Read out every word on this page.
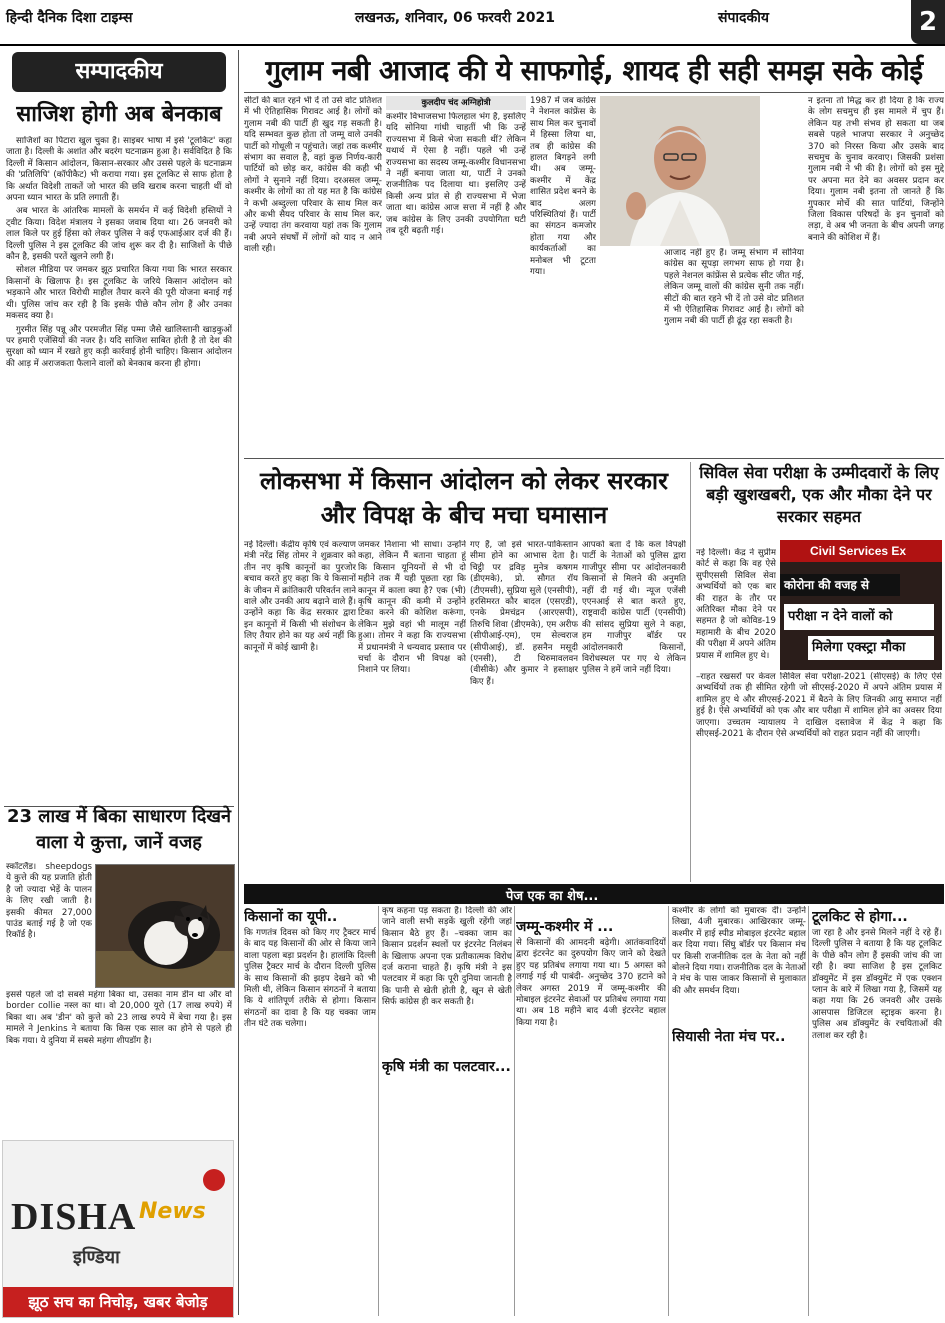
हिन्दी दैनिक दिशा टाइम्स	लखनऊ, शनिवार, 06 फरवरी 2021	संपादकीय	2
सम्पादकीय
साजिश होगी अब बेनकाब

साजिशों का पिटारा खुल चुका है। साइबर भाषा में इसे 'टूलकिट' कहा जाता है। दिल्ली के अशांत और बदरंग घटनाक्रम हुआ है। सर्वविदित है कि दिल्ली में किसान आंदोलन, किसान-सरकार और उससे पहले के घटनाक्रम की 'प्रतिलिपि' (कॉपीकैट) भी कराया गया। इस टूलकिट से साफ होता है कि अर्थात विदेशी ताकतें जो भारत की छवि खराब करना चाहती थीं वो अपना ध्यान भारत के प्रति लगाती हैं।

अब भारत के आंतरिक मामलों के समर्थन में कई विदेशी हस्तियों ने ट्वीट किया। विदेश मंत्रालय ने इसका जवाब दिया था। 26 जनवरी को लाल किले पर हुई हिंसा को लेकर पुलिस ने कई एफआईआर दर्ज की हैं। दिल्ली पुलिस ने इस टूलकिट की जांच शुरू कर दी है। साजिशों के पीछे कौन है, इसकी परतें खुलने लगी हैं।

सोशल मीडिया पर जमकर झूठ प्रचारित किया गया कि भारत सरकार किसानों के खिलाफ है। इस टूलकिट के जरिये किसान आंदोलन को भड़काने और भारत विरोधी माहौल तैयार करने की पूरी योजना बनाई गई थी। पुलिस जांच कर रही है कि इसके पीछे कौन लोग हैं और उनका मकसद क्या है।

गुरमीत सिंह पन्नू और परमजीत सिंह पम्मा जैसे खालिस्तानी खाड़कुओं पर हमारी एजेंसियों की नजर है। यदि साजिश साबित होती है तो देश की सुरक्षा को ध्यान में रखते हुए कड़ी कार्रवाई होनी चाहिए। किसान आंदोलन की आड़ में अराजकता फैलाने वालों को बेनकाब करना ही होगा।

23 लाख में बिका साधारण दिखने वाला ये कुत्ता, जानें वजह
स्कॉटलैंड। sheepdogs ये कुत्ते की यह प्रजाति होती है जो ज्यादा भेड़ें के पालन के लिए रखी जाती है। इसकी कीमत 27,000 पाउंड बताई गई है जो एक रिकॉर्ड है।
इससे पहले जो दो सबसे महंगा बिका था, उसका नाम डीन था और वो border collie नस्ल का था। वो 20,000 यूरो (17 लाख रुपये) में बिका था। अब 'डीन' को कुत्ते को 23 लाख रुपये में बेचा गया है। इस मामले ने Jenkins ने बताया कि किस एक साल का होने से पहले ही बिक गया। ये दुनिया में सबसे महंगा शीपडॉग है।
DISHA News
इण्डिया
झूठ सच का निचोड़, खबर बेजोड़
गुलाम नबी आजाद की ये साफगोई, शायद ही सही समझ सके कोई
सीटों की बात रहने भी दें तो उसे वोट प्रतिशत में भी ऐतिहासिक गिरावट आई है। लोगों को गुलाम नबी की पार्टी ही खुद गड़ सकती है। यदि सम्भवत कुछ होता तो जम्मू वाले उनकी पार्टी को गोधूली न पहुंचाते। जहां तक कश्मीर संभाग का सवाल है, वहां कुछ निर्णय-कारी पार्टियों को छोड़ कर, कांग्रेस की कही भी लोगों ने सुनाने नहीं दिया। दरअसल जम्मू-कश्मीर के लोगों का तो यह मत है कि कांग्रेस ने कभी अब्दुल्ला परिवार के साथ मिल कर और कभी सैयद परिवार के साथ मिल कर, उन्हें ज्यादा तंग करवाया यहां तक कि गुलाम नबी अपने संघर्षों में लोगों को याद न आने वाली रही।
कुलदीप चंद अग्निहोत्री
कश्मीर विभाजसभा फिलहाल भंग है, इसलिए यदि सोनिया गांधी चाहतीं भी कि उन्हें राज्यसभा में किसे भेजा सकती थीं? लेकिन यथार्थ में ऐसा है नहीं। पहले भी उन्हें राज्यसभा का सदस्य जम्मू-कश्मीर विधानसभा ने नहीं बनाया जाता था, पार्टी ने उनको राजनीतिक पद दिलाया था। इसलिए उन्हें किसी अन्य प्रांत से ही राज्यसभा में भेजा जाता था। कांग्रेस आज सत्ता में नहीं है और जब कांग्रेस के लिए उनकी उपयोगिता घटी तब दूरी बढ़ती गई।
1987 में जब कांग्रेस ने नेशनल कांफ्रेंस के साथ मिल कर चुनावों में हिस्सा लिया था, तब ही कांग्रेस की हालत बिगड़ने लगी थी। अब जम्मू-कश्मीर में केंद्र शासित प्रदेश बनने के बाद अलग परिस्थितियां हैं। पार्टी का संगठन कमजोर होता गया और कार्यकर्ताओं का मनोबल भी टूटता गया।
आजाद नहीं हुए हैं। जम्मू संभाग में सोनिया कांग्रेस का सूपड़ा लगभग साफ हो गया है। पहले नेशनल कांफ्रेंस से प्रत्येक सीट जीत गई, लेकिन जम्मू वालों की कांग्रेस सुनी तक नहीं। सीटों की बात रहने भी दें तो उसे वोट प्रतिशत में भी ऐतिहासिक गिरावट आई है। लोगों को गुलाम नबी की पार्टी ही ढूंढ़ रहा सकती है।
न इतना तो मिद्ध कर ही दिया है कि राज्य के लोग सचमुच ही इस मामले में चुप हैं। लेकिन यह तभी संभव हो सकता था जब सबसे पहले भाजपा सरकार ने अनुच्छेद 370 को निरस्त किया और उसके बाद सचमुच के चुनाव करवाए। जिसकी प्रशंसा गुलाम नबी ने भी की है। लोगों को इस मुद्दे पर अपना मत देने का अवसर प्रदान कर दिया। गुलाम नबी इतना तो जानते हैं कि गुपकार मोर्चे की सात पार्टियां, जिन्होंने जिला विकास परिषदों के इन चुनावों को लड़ा, वे अब भी जनता के बीच अपनी जगह बनाने की कोशिश में हैं।
लोकसभा में किसान आंदोलन को लेकर सरकार और विपक्ष के बीच मचा घमासान
नई दिल्ली। केंद्रीय कृषि एवं कल्याण मंत्री नरेंद्र सिंह तोमर ने शुक्रवार को तीन नए कृषि कानूनों का पुरजोर बचाव करते हुए कहा कि ये किसानों के जीवन में क्रांतिकारी परिवर्तन लाने वाले और उनकी आय बढ़ाने वाले हैं। उन्होंने कहा कि केंद्र सरकार द्वारा इन कानूनों में किसी भी संशोधन के लिए तैयार होने का यह अर्थ नहीं कि कानूनों में कोई खामी है।
जमकर निशाना भी साधा। उन्होंने कहा, लेकिन मैं बताना चाहता हूं कि किसान यूनियनों से भी दो महीने तक मैं यही पूछता रहा कि कानून में काला क्या है? एक (भी) कृषि कानून की कमी में उन्होंने टिका करने की कोशिश करूंगा, लेकिन मुझे वहां भी मालूम नहीं हुआ। तोमर ने कहा कि राज्यसभा में प्रधानमंत्री ने धन्यवाद प्रस्ताव पर चर्चा के दौरान भी विपक्ष को निशाने पर लिया।
गए हैं, जो इसे भारत-पाकिस्तान सीमा होने का आभास देता है। चिट्ठी पर द्रविड़ मुनेत्र कषगम (डीएमके), प्रो. सौगत रॉय (टीएमसी), सुप्रिया सुले (एनसीपी), हरसिमरत कौर बादल (एसएडी), एनके प्रेमचंद्रन (आरएसपी), तिरुचि शिवा (डीएमके), एम अरीफ (सीपीआई-एम), एम सेल्वराज (सीपीआई), डॉ. हसनैन मसूदी (एनसी), टी थिरुमावलवन (वीसीके) और कुमार ने हस्ताक्षर किए हैं।
आपको बता दें कि कल विपक्षी पार्टी के नेताओं को पुलिस द्वारा गाजीपुर सीमा पर आंदोलनकारी किसानों से मिलने की अनुमति नहीं दी गई थी। न्यूज एजेंसी एएनआई से बात करते हुए, राष्ट्रवादी कांग्रेस पार्टी (एनसीपी) की सांसद सुप्रिया सुले ने कहा, हम गाजीपुर बॉर्डर पर आंदोलनकारी किसानों, विरोधस्थल पर गए थे लेकिन पुलिस ने हमें जाने नहीं दिया।
सिविल सेवा परीक्षा के उम्मीदवारों के लिए बड़ी खुशखबरी, एक और मौका देने पर सरकार सहमत
नई दिल्ली। केंद्र ने सुप्रीम कोर्ट से कहा कि वह ऐसे सुपीएससी सिविल सेवा अभ्यर्थियों को एक बार की राहत के तौर पर अतिरिक्त मौका देने पर सहमत है जो कोविड-19 महामारी के बीच 2020 की परीक्षा में अपने अंतिम प्रयास में शामिल हुए थे।
Civil Services Ex
कोरोना की वजह से
परीक्षा न देने वालों को
मिलेगा एक्स्ट्रा मौका
–राहत रखसरों पर केवल सिविल सेवा परीक्षा-2021 (सीएसई) के लिए ऐसे अभ्यर्थियों तक ही सीमित रहेगी जो सीएसई-2020 में अपने अंतिम प्रयास में शामिल हुए थे और सीएसई-2021 में बैठने के लिए जिनकी आयु समाप्त नहीं हुई है। ऐसे अभ्यर्थियों को एक और बार परीक्षा में शामिल होने का अवसर दिया जाएगा। उच्चतम न्यायालय ने दाखिल दस्तावेज में केंद्र ने कहा कि सीएसई-2021 के दौरान ऐसे अभ्यर्थियों को राहत प्रदान नहीं की जाएगी।
पेज एक का शेष...
किसानों का यूपी..
कि गणतंत्र दिवस को किए गए ट्रैक्टर मार्च के बाद यह किसानों की ओर से किया जाने वाला पहला बड़ा प्रदर्शन है। हालांकि दिल्ली पुलिस ट्रैक्टर मार्च के दौरान दिल्ली पुलिस के साथ किसानों की झड़प देखने को भी मिली थी, लेकिन किसान संगठनों ने बताया कि ये शांतिपूर्ण तरीके से होगा। किसान संगठनों का दावा है कि यह चक्का जाम तीन घंटे तक चलेगा।
कृष कहना पड़ सकता है। दिल्ली की ओर जाने वाली सभी सड़कें खुली रहेंगी जहां किसान बैठे हुए हैं। –चक्का जाम का किसान प्रदर्शन स्थलों पर इंटरनेट निलंबन के खिलाफ अपना एक प्रतीकात्मक विरोध दर्ज कराना चाहते हैं। कृषि मंत्री ने इस पलटवार में कहा कि पूरी दुनिया जानती है कि पानी से खेती होती है, खून से खेती सिर्फ कांग्रेस ही कर सकती है।
कृषि मंत्री का पलटवार...
जम्मू-कश्मीर में ...
से किसानों की आमदनी बढ़ेगी। आतंकवादियों द्वारा इंटरनेट का दुरुपयोग किए जाने को देखते हुए यह प्रतिबंध लगाया गया था। 5 अगस्त को लगाई गई थी पाबंदी- अनुच्छेद 370 हटाने को लेकर अगस्त 2019 में जम्मू-कश्मीर की मोबाइल इंटरनेट सेवाओं पर प्रतिबंध लगाया गया था। अब 18 महीने बाद 4जी इंटरनेट बहाल किया गया है।
कश्मीर के लोगों को मुबारक दी। उन्होंने लिखा, 4जी मुबारक। आखिरकार जम्मू-कश्मीर में हाई स्पीड मोबाइल इंटरनेट बहाल कर दिया गया। सिंघु बॉर्डर पर किसान मंच पर किसी राजनीतिक दल के नेता को नहीं बोलने दिया गया। राजनीतिक दल के नेताओं ने मंच के पास जाकर किसानों से मुलाकात की और समर्थन दिया।
सियासी नेता मंच पर..
टूलकिट से होगा...
जा रहा है और इनसे मिलने नहीं दे रहे हैं। दिल्ली पुलिस ने बताया है कि यह टूलकिट के पीछे कौन लोग हैं इसकी जांच की जा रही है। क्या साजिश है इस टूलकिट डॉक्युमेंट में इस डॉक्युमेंट में एक एक्शन प्लान के बारे में लिखा गया है, जिसमें यह कहा गया कि 26 जनवरी और उसके आसपास डिजिटल स्ट्राइक करना है। पुलिस अब डॉक्युमेंट के रचयिताओं की तलाश कर रही है।
